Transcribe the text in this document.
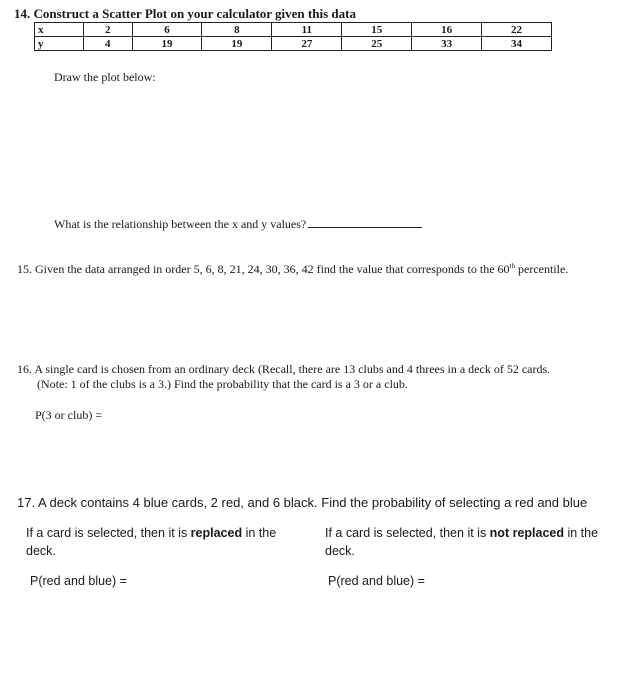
14. Construct a Scatter Plot on your calculator given this data
x	2	6	8	11	15	16	22
y	4	19	19	27	25	33	34
Draw the plot below:
What is the relationship between the x and y values?
15. Given the data arranged in order 5, 6, 8, 21, 24, 30, 36, 42 find the value that corresponds to the 60th percentile.
16. A single card is chosen from an ordinary deck (Recall, there are 13 clubs and 4 threes in a deck of 52 cards.
(Note: 1 of the clubs is a 3.) Find the probability that the card is a 3 or a club.
P(3 or club) =
17. A deck contains 4 blue cards, 2 red, and 6 black. Find the probability of selecting a red and blue
If a card is selected, then it is replaced in the deck.
If a card is selected, then it is not replaced in the deck.
P(red and blue) =	P(red and blue) =
